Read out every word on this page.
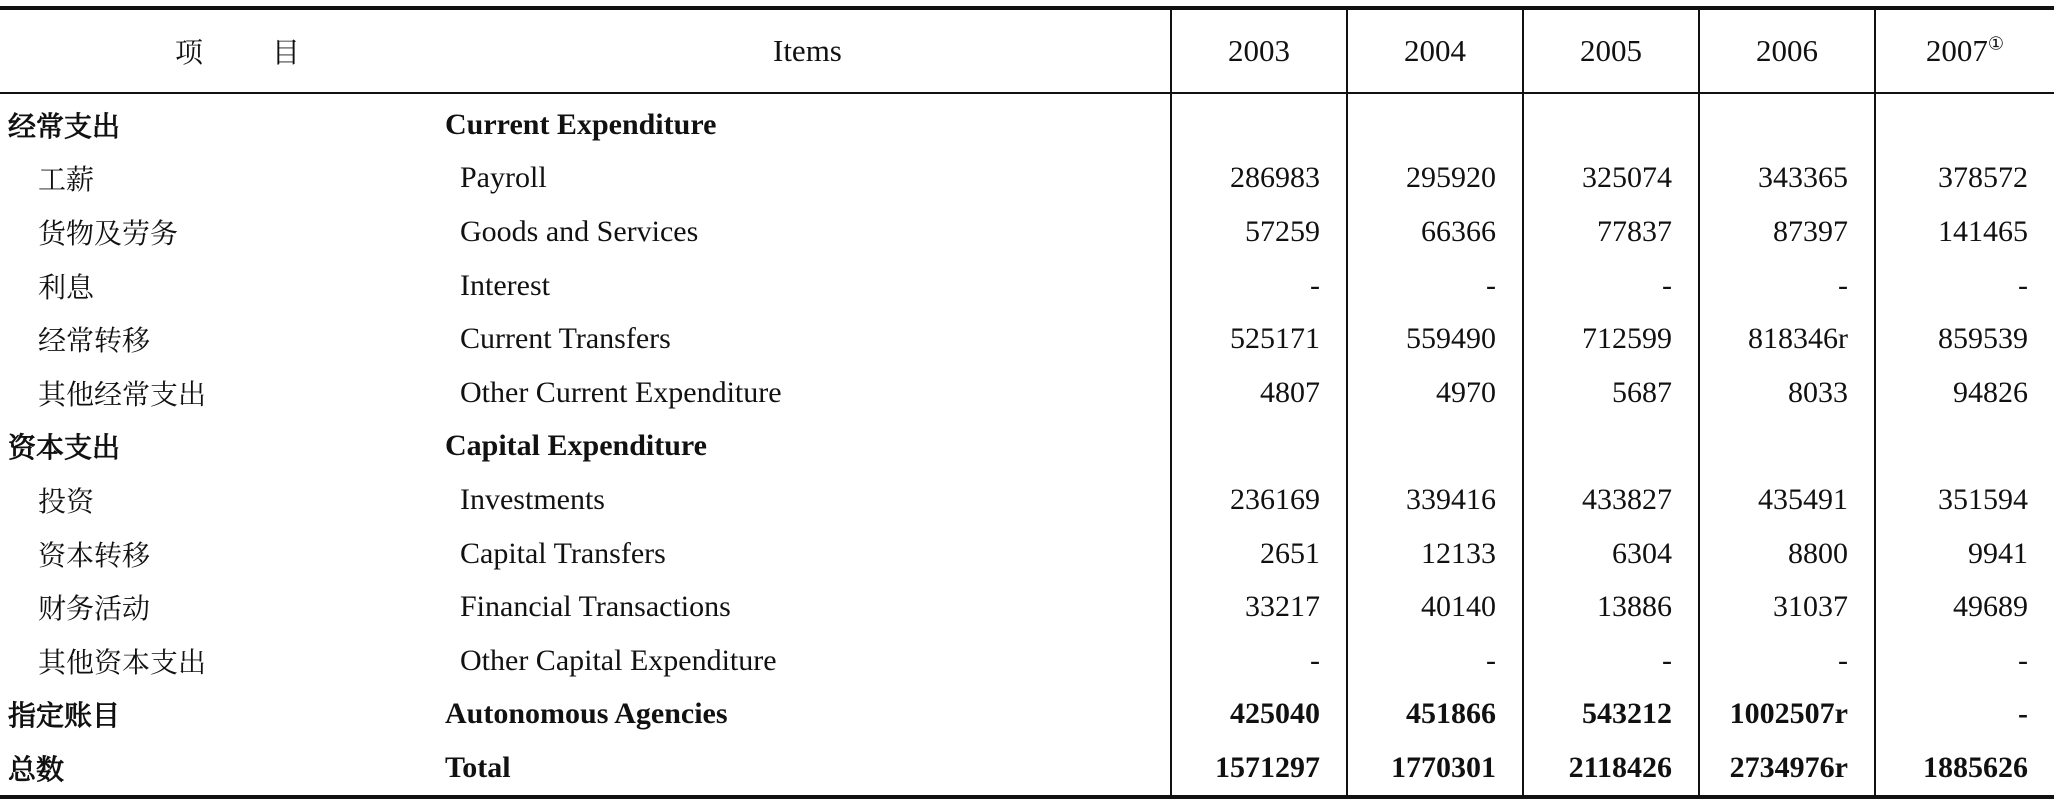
项 目	Items	2003	2004	2005	2006	2007①
经常支出	Current Expenditure					
工薪	Payroll	286983	295920	325074	343365	378572
货物及劳务	Goods and Services	57259	66366	77837	87397	141465
利息	Interest	-	-	-	-	-
经常转移	Current Transfers	525171	559490	712599	818346r	859539
其他经常支出	Other Current Expenditure	4807	4970	5687	8033	94826
资本支出	Capital Expenditure					
投资	Investments	236169	339416	433827	435491	351594
资本转移	Capital Transfers	2651	12133	6304	8800	9941
财务活动	Financial Transactions	33217	40140	13886	31037	49689
其他资本支出	Other Capital Expenditure	-	-	-	-	-
指定账目	Autonomous Agencies	425040	451866	543212	1002507r	-
总数	Total	1571297	1770301	2118426	2734976r	1885626
